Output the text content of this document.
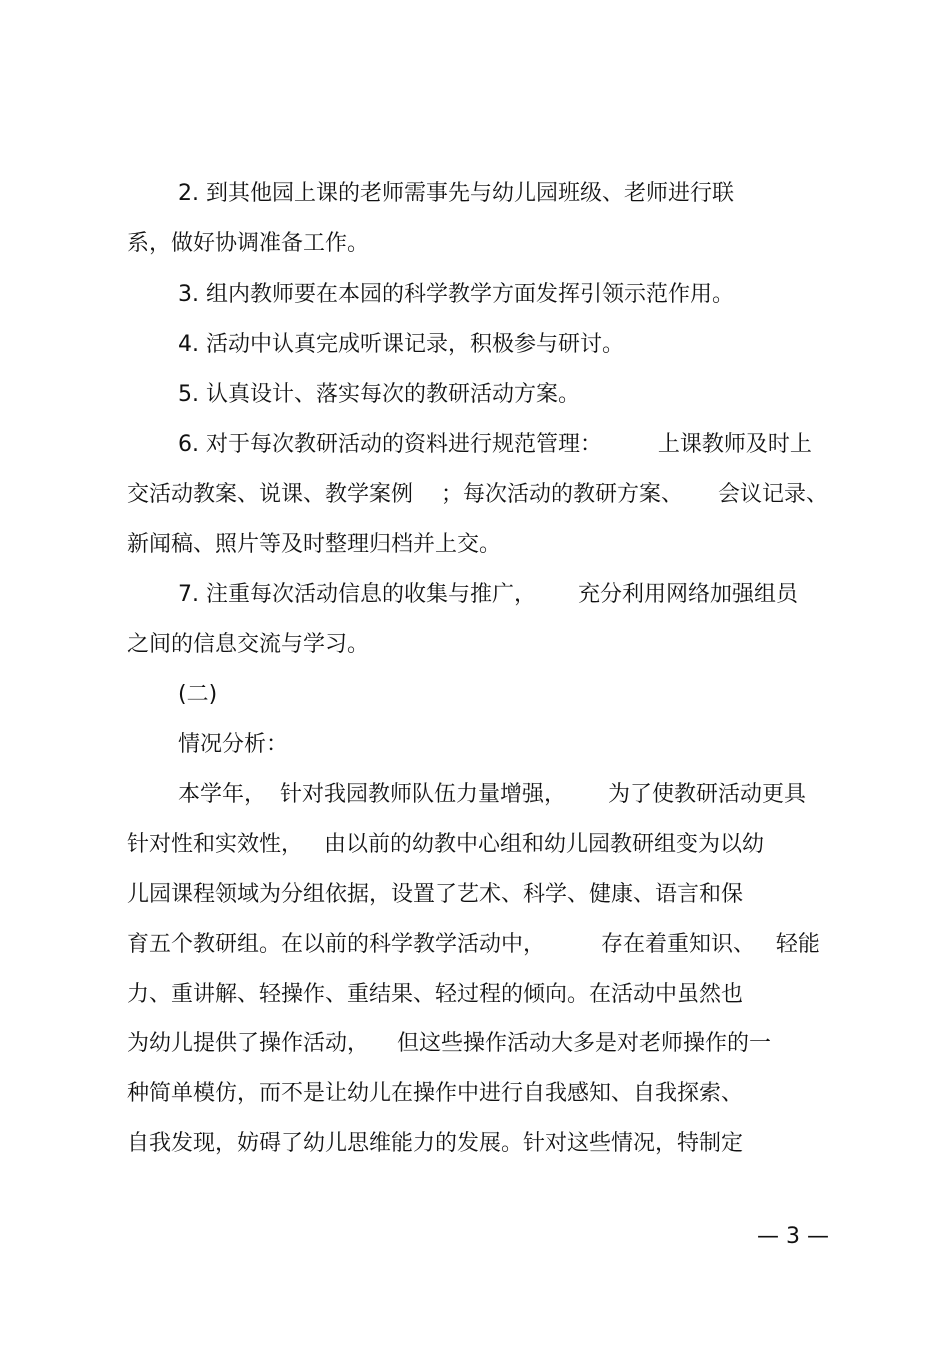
2. 到其他园上课的老师需事先与幼儿园班级、老师进行联

系，做好协调准备工作。

3. 组内教师要在本园的科学教学方面发挥引领示范作用。

4. 活动中认真完成听课记录，积极参与研讨。

5. 认真设计、落实每次的教研活动方案。

6. 对于每次教研活动的资料进行规范管理：        上课教师及时上

交活动教案、说课、教学案例    ；每次活动的教研方案、     会议记录、

新闻稿、照片等及时整理归档并上交。

7. 注重每次活动信息的收集与推广，      充分利用网络加强组员

之间的信息交流与学习。

(二)

情况分析：

本学年，  针对我园教师队伍力量增强，      为了使教研活动更具

针对性和实效性，   由以前的幼教中心组和幼儿园教研组变为以幼

儿园课程领域为分组依据，设置了艺术、科学、健康、语言和保

育五个教研组。在以前的科学教学活动中，        存在着重知识、   轻能

力、重讲解、轻操作、重结果、轻过程的倾向。在活动中虽然也

为幼儿提供了操作活动，    但这些操作活动大多是对老师操作的一

种简单模仿，而不是让幼儿在操作中进行自我感知、自我探索、

自我发现，妨碍了幼儿思维能力的发展。针对这些情况，特制定

— 3 —
